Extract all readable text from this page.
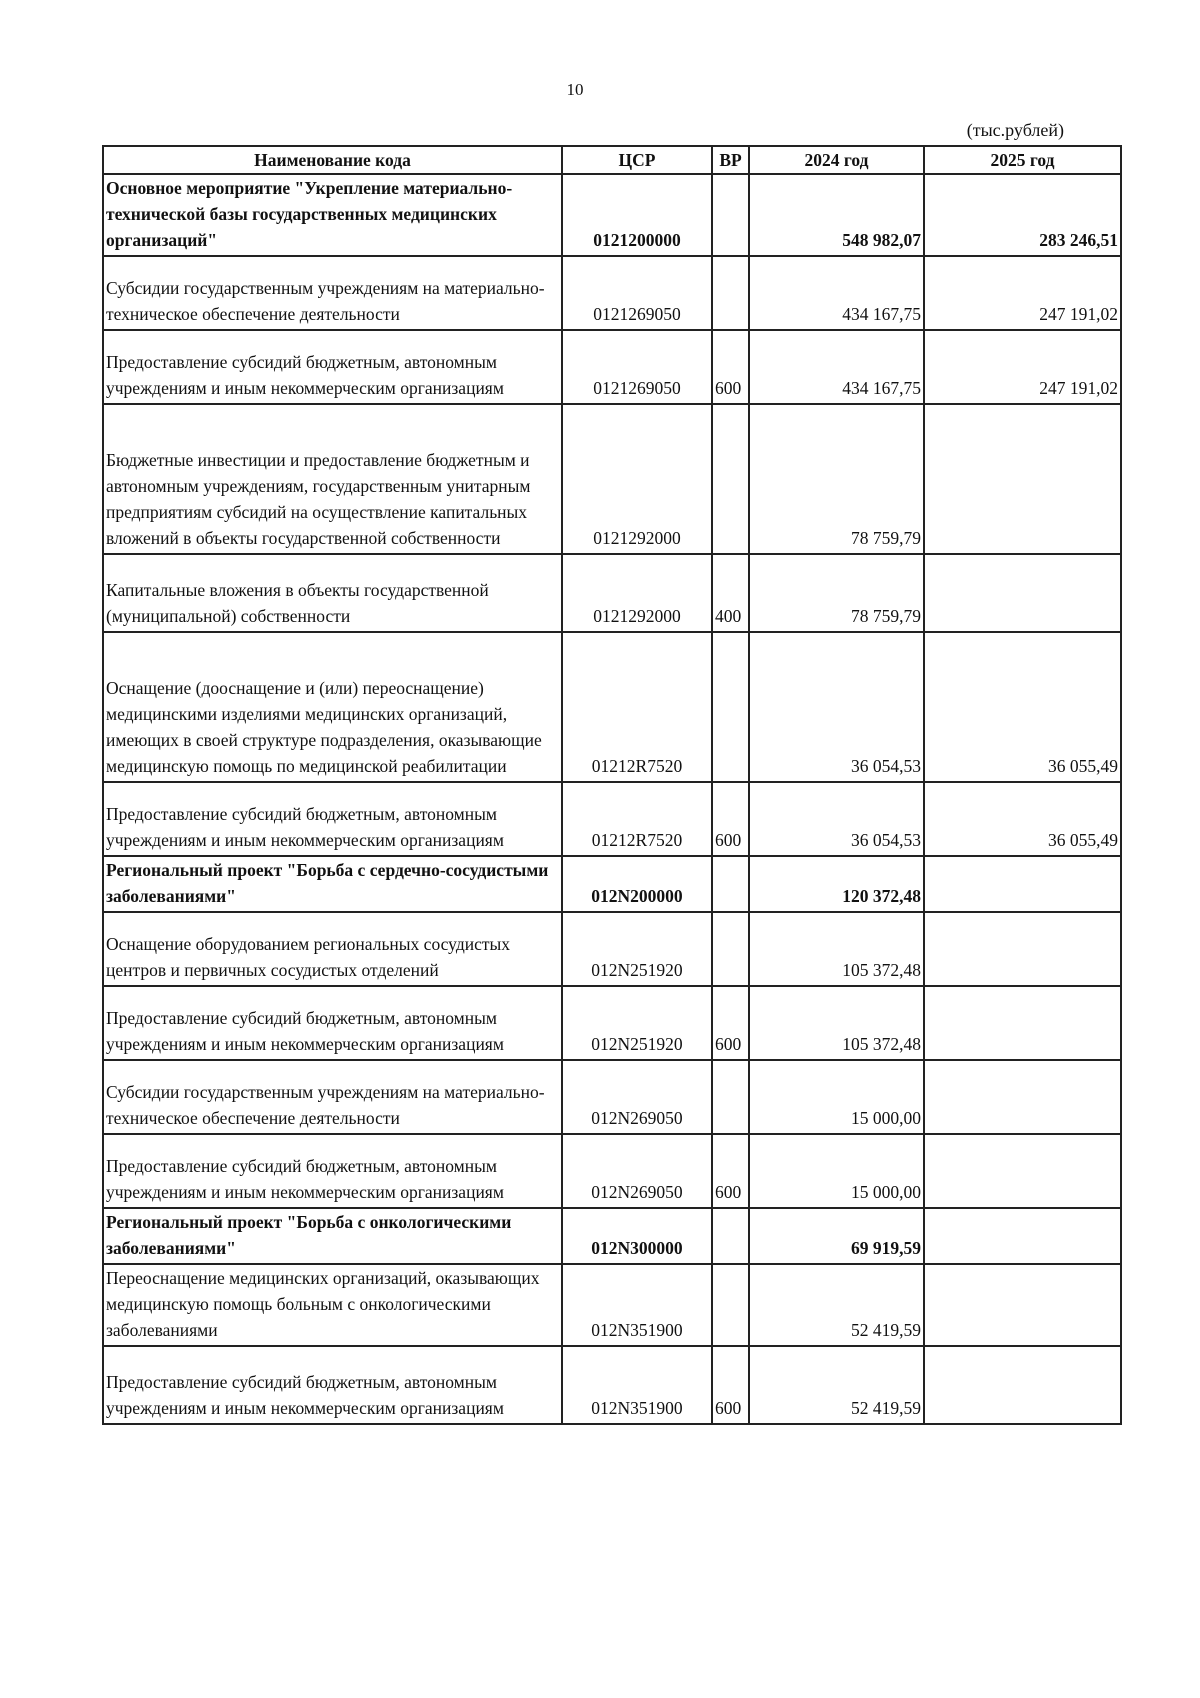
10
(тыс.рублей)
Наименование кода	ЦСР	ВР	2024 год	2025 год
Основное мероприятие "Укрепление материально-технической базы государственных медицинских организаций"	0121200000		548 982,07	283 246,51
Субсидии государственным учреждениям на материально-техническое обеспечение деятельности	0121269050		434 167,75	247 191,02
Предоставление субсидий бюджетным, автономным учреждениям и иным некоммерческим организациям	0121269050	600	434 167,75	247 191,02
Бюджетные инвестиции и предоставление бюджетным и автономным учреждениям, государственным унитарным предприятиям субсидий на осуществление капитальных вложений в объекты государственной собственности	0121292000		78 759,79	
Капитальные вложения в объекты государственной (муниципальной) собственности	0121292000	400	78 759,79	
Оснащение (дооснащение и (или) переоснащение) медицинскими изделиями медицинских организаций, имеющих в своей структуре подразделения, оказывающие медицинскую помощь по медицинской реабилитации	01212R7520		36 054,53	36 055,49
Предоставление субсидий бюджетным, автономным учреждениям и иным некоммерческим организациям	01212R7520	600	36 054,53	36 055,49
Региональный проект "Борьба с сердечно-сосудистыми заболеваниями"	012N200000		120 372,48	
Оснащение оборудованием региональных сосудистых центров и первичных сосудистых отделений	012N251920		105 372,48	
Предоставление субсидий бюджетным, автономным учреждениям и иным некоммерческим организациям	012N251920	600	105 372,48	
Субсидии государственным учреждениям на материально-техническое обеспечение деятельности	012N269050		15 000,00	
Предоставление субсидий бюджетным, автономным учреждениям и иным некоммерческим организациям	012N269050	600	15 000,00	
Региональный проект "Борьба с онкологическими заболеваниями"	012N300000		69 919,59	
Переоснащение медицинских организаций, оказывающих медицинскую помощь больным с онкологическими заболеваниями	012N351900		52 419,59	
Предоставление субсидий бюджетным, автономным учреждениям и иным некоммерческим организациям	012N351900	600	52 419,59	
